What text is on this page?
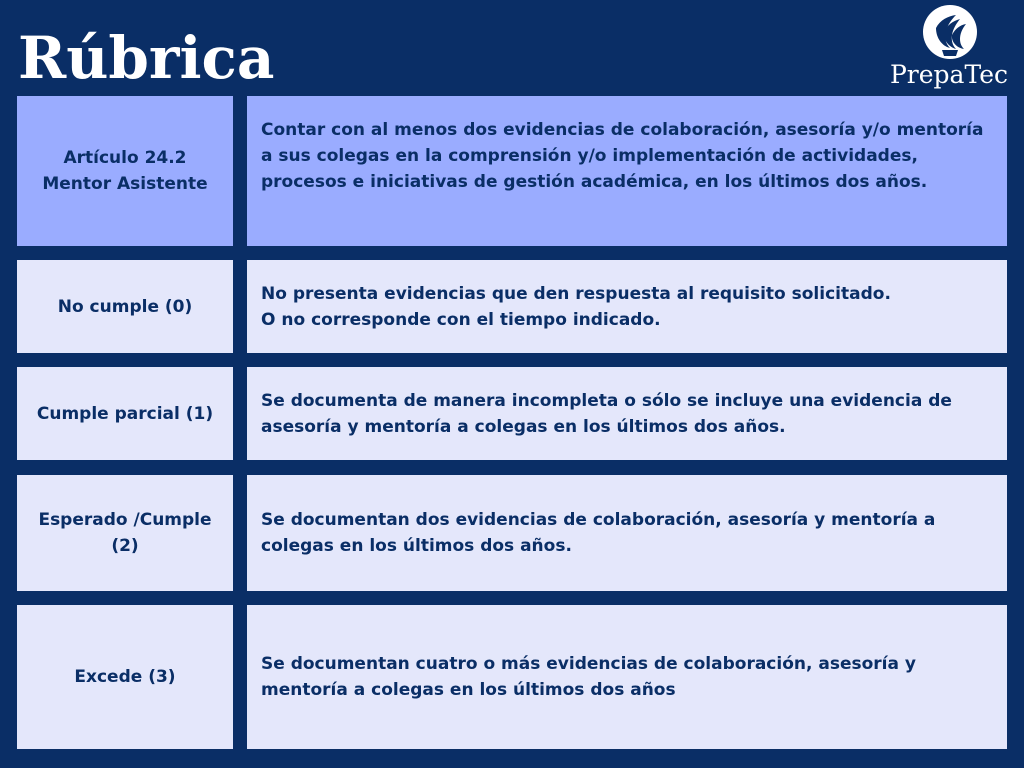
Rúbrica	PrepaTec
Artículo 24.2
Mentor Asistente
Contar con al menos dos evidencias de colaboración, asesoría y/o mentoría a sus colegas en la comprensión y/o implementación de actividades, procesos e iniciativas de gestión académica, en los últimos dos años.
No cumple (0)
No presenta evidencias que den respuesta al requisito solicitado.
O no corresponde con el tiempo indicado.
Cumple parcial (1)
Se documenta de manera incompleta o sólo se incluye una evidencia de asesoría y mentoría a colegas en los últimos dos años.
Esperado /Cumple (2)
Se documentan dos evidencias de colaboración, asesoría y mentoría a colegas en los últimos dos años.
Excede (3)
Se documentan cuatro o más evidencias de colaboración, asesoría y mentoría a colegas en los últimos dos años
